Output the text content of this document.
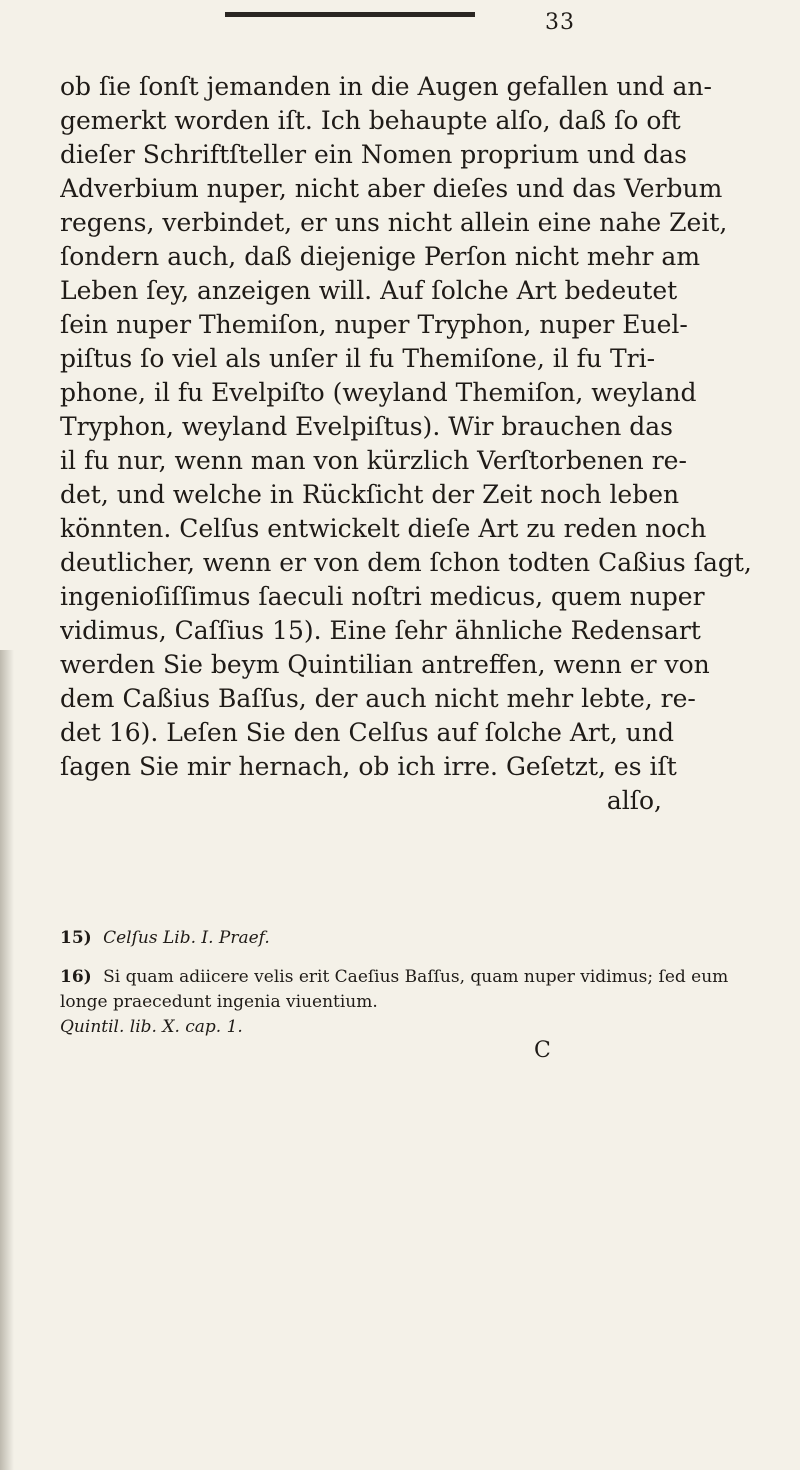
33

ob ſie ſonſt jemanden in die Augen gefallen und an-
gemerkt worden iſt. Ich behaupte alſo, daß ſo oft
dieſer Schriftſteller ein Nomen proprium und das
Adverbium nuper, nicht aber dieſes und das Verbum
regens, verbindet, er uns nicht allein eine nahe Zeit,
ſondern auch, daß diejenige Perſon nicht mehr am
Leben ſey, anzeigen will. Auf ſolche Art bedeutet
ſein nuper Themiſon, nuper Tryphon, nuper Euel-
piſtus ſo viel als unſer il fu Themiſone, il fu Tri-
phone, il fu Evelpiſto (weyland Themiſon, weyland
Tryphon, weyland Evelpiſtus). Wir brauchen das
il fu nur, wenn man von kürzlich Verſtorbenen re-
det, und welche in Rückſicht der Zeit noch leben
könnten. Celſus entwickelt dieſe Art zu reden noch
deutlicher, wenn er von dem ſchon todten Caßius ſagt,
ingenioſiſſimus ſaeculi noſtri medicus, quem nuper
vidimus, Caſſius 15). Eine ſehr ähnliche Redensart
werden Sie beym Quintilian antreffen, wenn er von
dem Caßius Baſſus, der auch nicht mehr lebte, re-
det 16). Leſen Sie den Celſus auf ſolche Art, und
ſagen Sie mir hernach, ob ich irre. Geſetzt, es iſt
alſo,

15) Celſus Lib. I. Praef.

16) Si quam adiicere velis erit Caeſius Baſſus, quam nuper vidimus; ſed eum longe praecedunt ingenia viuentium.
Quintil. lib. X. cap. 1.

C
